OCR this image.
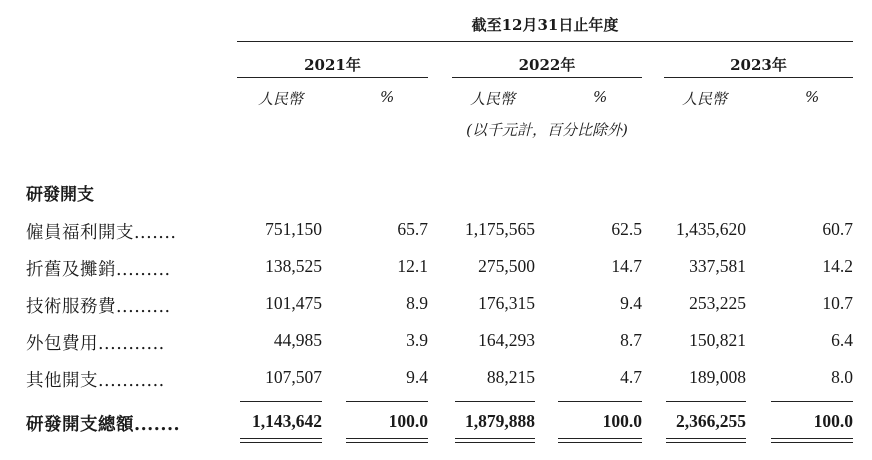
截至12月31日止年度
2021年	2022年	2023年
人民幣	%	人民幣	%	人民幣	%
(以千元計，百分比除外)
研發開支
僱員福利開支.......	751,150	65.7	1,175,565	62.5	1,435,620	60.7
折舊及攤銷.........	138,525	12.1	275,500	14.7	337,581	14.2
技術服務費.........	101,475	8.9	176,315	9.4	253,225	10.7
外包費用...........	44,985	3.9	164,293	8.7	150,821	6.4
其他開支...........	107,507	9.4	88,215	4.7	189,008	8.0
研發開支總額.......	1,143,642	100.0	1,879,888	100.0	2,366,255	100.0
